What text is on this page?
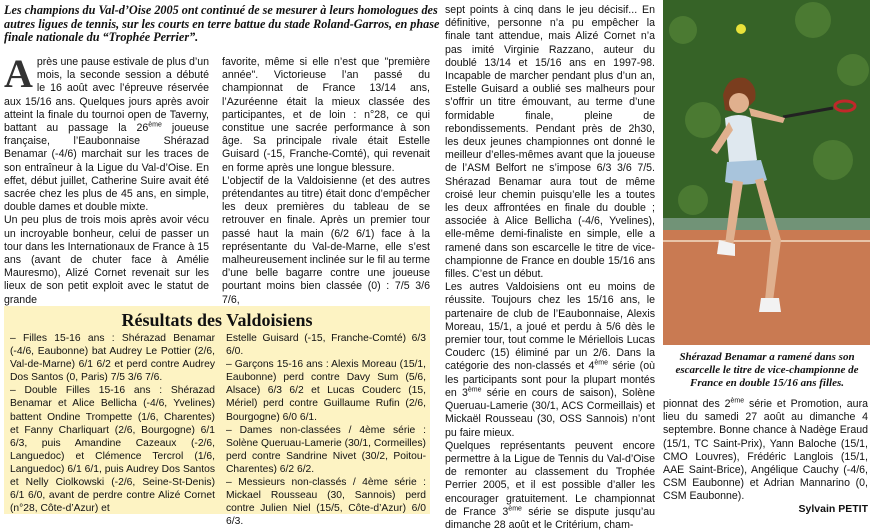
Les champions du Val-d’Oise 2005 ont continué de se mesurer à leurs homologues des autres ligues de tennis, sur les courts en terre battue du stade Roland-Garros, en phase finale nationale du “Trophée Perrier”.

Après une pause estivale de plus d’un mois, la seconde session a débuté le 16 août avec l’épreuve réservée aux 15/16 ans. Quelques jours après avoir atteint la finale du tournoi open de Taverny, battant au passage la 26ème joueuse française, l’Eaubonnaise Shérazad Benamar (-4/6) marchait sur les traces de son entraîneur à la Ligue du Val-d’Oise. En effet, début juillet, Catherine Suire avait été sacrée chez les plus de 45 ans, en simple, double dames et double mixte.

Un peu plus de trois mois après avoir vécu un incroyable bonheur, celui de passer un tour dans les Internationaux de France à 15 ans (avant de chuter face à Amélie Mauresmo), Alizé Cornet revenait sur les lieux de son petit exploit avec le statut de grande

favorite, même si elle n’est que "première année". Victorieuse l’an passé du championnat de France 13/14 ans, l’Azuréenne était la mieux classée des participantes, et de loin : n°28, ce qui constitue une sacrée performance à son âge. Sa principale rivale était Estelle Guisard (-15, Franche-Comté), qui revenait en forme après une longue blessure.

L’objectif de la Valdoisienne (et des autres prétendantes au titre) était donc d’empêcher les deux premières du tableau de se retrouver en finale. Après un premier tour passé haut la main (6/2 6/1) face à la représentante du Val-de-Marne, elle s’est malheureusement inclinée sur le fil au terme d’une belle bagarre contre une joueuse pourtant moins bien classée (0) : 7/5 3/6 7/6,

Résultats des Valdoisiens

– Filles 15-16 ans : Shérazad Benamar (-4/6, Eaubonne) bat Audrey Le Pottier (2/6, Val-de-Marne) 6/1 6/2 et perd contre Audrey Dos Santos (0, Paris) 7/5 3/6 7/6.

– Double Filles 15-16 ans : Shérazad Benamar et Alice Bellicha (-4/6, Yvelines) battent Ondine Trompette (1/6, Charentes) et Fanny Charliquart (2/6, Bourgogne) 6/1 6/3, puis Amandine Cazeaux (-2/6, Languedoc) et Clémence Tercrol (1/6, Languedoc) 6/1 6/1, puis Audrey Dos Santos et Nelly Ciolkowski (-2/6, Seine-St-Denis) 6/1 6/0, avant de perdre contre Alizé Cornet (n°28, Côte-d’Azur) et

Estelle Guisard (-15, Franche-Comté) 6/3 6/0.

– Garçons 15-16 ans : Alexis Moreau (15/1, Eaubonne) perd contre Davy Sum (5/6, Alsace) 6/3 6/2 et Lucas Couderc (15, Mériel) perd contre Guillaume Rufin (2/6, Bourgogne) 6/0 6/1.

– Dames non-classées / 4ème série : Solène Queruau-Lamerie (30/1, Cormeilles) perd contre Sandrine Nivet (30/2, Poitou-Charentes) 6/2 6/2.

– Messieurs non-classés / 4ème série : Mickael Rousseau (30, Sannois) perd contre Julien Niel (15/5, Côte-d’Azur) 6/0 6/3.

sept points à cinq dans le jeu décisif... En définitive, personne n’a pu empêcher la finale tant attendue, mais Alizé Cornet n’a pas imité Virginie Razzano, auteur du doublé 13/14 et 15/16 ans en 1997-98. Incapable de marcher pendant plus d’un an, Estelle Guisard a oublié ses malheurs pour s’offrir un titre émouvant, au terme d’une formidable finale, pleine de rebondissements. Pendant près de 2h30, les deux jeunes championnes ont donné le meilleur d’elles-mêmes avant que la joueuse de l’ASM Belfort ne s’impose 6/3 3/6 7/5. Shérazad Benamar aura tout de même croisé leur chemin puisqu’elle les a toutes les deux affrontées en finale du double ; associée à Alice Bellicha (-4/6, Yvelines), elle-même demi-finaliste en simple, elle a ramené dans son escarcelle le titre de vice-championne de France en double 15/16 ans filles. C’est un début.

Les autres Valdoisiens ont eu moins de réussite. Toujours chez les 15/16 ans, le partenaire de club de l’Eaubonnaise, Alexis Moreau, 15/1, a joué et perdu à 5/6 dès le premier tour, tout comme le Mériellois Lucas Couderc (15) éliminé par un 2/6. Dans la catégorie des non-classés et 4ème série (où les participants sont pour la plupart montés en 3ème série en cours de saison), Solène Queruau-Lamerie (30/1, ACS Cormeillais) et Mickaël Rousseau (30, OSS Sannois) n’ont pu faire mieux.

Quelques représentants peuvent encore permettre à la Ligue de Tennis du Val-d’Oise de remonter au classement du Trophée Perrier 2005, et il est possible d’aller les encourager gratuitement. Le championnat de France 3ème série se dispute jusqu’au dimanche 28 août et le Critérium, cham-

Shérazad Benamar a ramené dans son escarcelle le titre de vice-championne de France en double 15/16 ans filles.

pionnat des 2ème série et Promotion, aura lieu du samedi 27 août au dimanche 4 septembre. Bonne chance à Nadège Eraud (15/1, TC Saint-Prix), Yann Baloche (15/1, CMO Louvres), Frédéric Langlois (15/1, AAE Saint-Brice), Angélique Cauchy (-4/6, CSM Eaubonne) et Adrian Mannarino (0, CSM Eaubonne).

Sylvain PETIT
